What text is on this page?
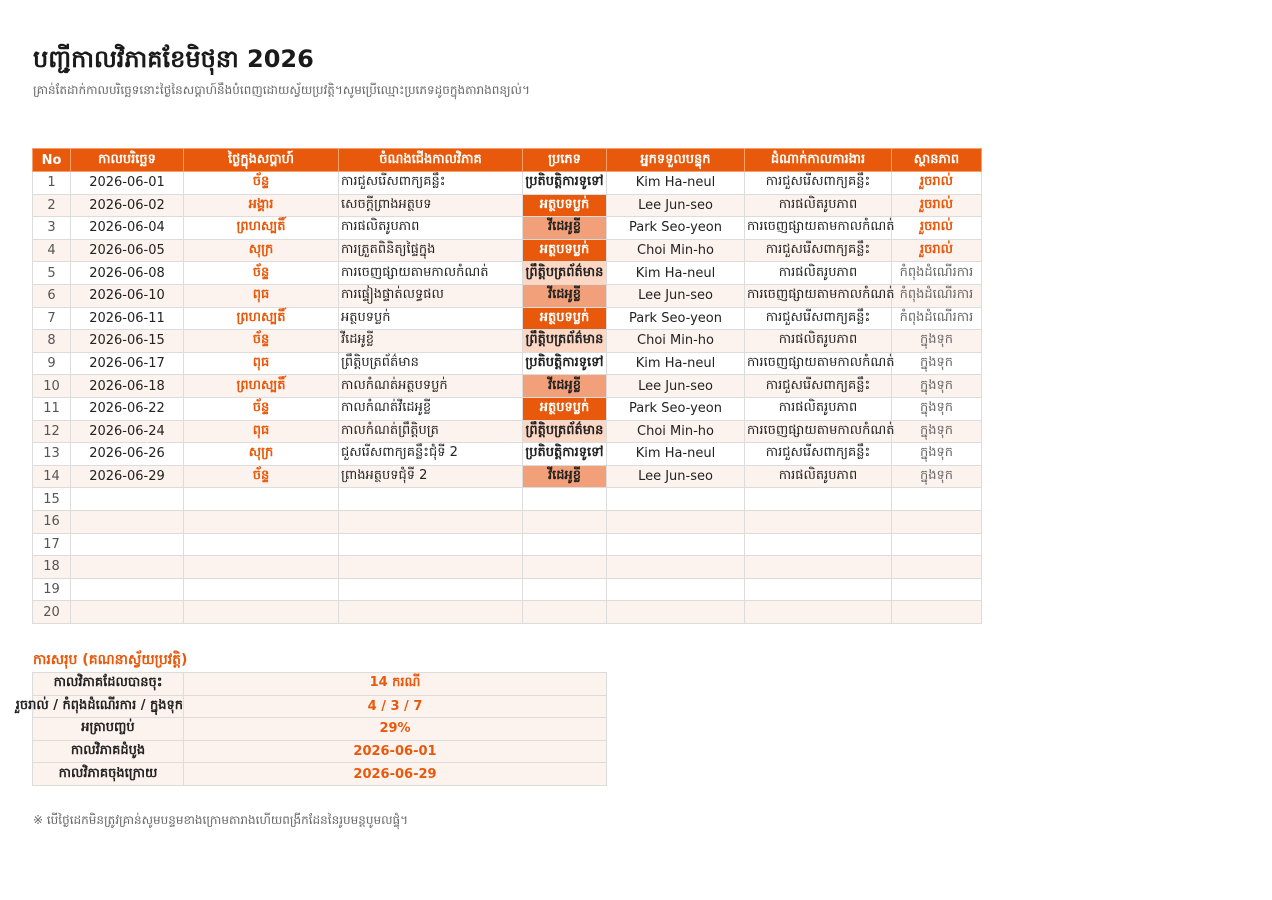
បញ្ជីកាលវិភាគខែមិថុនា 2026
គ្រាន់តែដាក់កាលបរិច្ឆេទនោះថ្ងៃនៃសប្តាហ៍នឹងបំពេញដោយស្វ័យប្រវត្តិ។សូមប្រើឈ្មោះប្រភេទដូចក្នុងតារាងពន្យល់។
No	កាលបរិច្ឆេទ	ថ្ងៃក្នុងសប្តាហ៍	ចំណងជើងកាលវិភាគ	ប្រភេទ	អ្នកទទួលបន្ទុក	ដំណាក់កាលការងារ	ស្ថានភាព
1	2026-06-01	ច័ន្ទ	ការជួសរើសពាក្យគន្លឹះ	ប្រតិបត្តិការទូទៅ	Kim Ha-neul	ការជួសរើសពាក្យគន្លឹះ	រួចរាល់
2	2026-06-02	អង្គារ	សេចក្តីព្រាងអត្ថបទ	អត្ថបទប្លក់	Lee Jun-seo	ការផលិតរូបភាព	រួចរាល់
3	2026-06-04	ព្រហស្បតិ៍	ការផលិតរូបភាព	វីដេអូខ្លី	Park Seo-yeon	ការចេញផ្សាយតាមកាលកំណត់	រួចរាល់
4	2026-06-05	សុក្រ	ការត្រួតពិនិត្យផ្ទៃក្នុង	អត្ថបទប្លក់	Choi Min-ho	ការជួសរើសពាក្យគន្លឹះ	រួចរាល់
5	2026-06-08	ច័ន្ទ	ការចេញផ្សាយតាមកាលកំណត់	ព្រឹត្តិបត្រព័ត៌មាន	Kim Ha-neul	ការផលិតរូបភាព	កំពុងដំណើរការ
6	2026-06-10	ពុធ	ការផ្ទៀងផ្ទាត់លទ្ធផល	វីដេអូខ្លី	Lee Jun-seo	ការចេញផ្សាយតាមកាលកំណត់	កំពុងដំណើរការ
7	2026-06-11	ព្រហស្បតិ៍	អត្ថបទប្លក់	អត្ថបទប្លក់	Park Seo-yeon	ការជួសរើសពាក្យគន្លឹះ	កំពុងដំណើរការ
8	2026-06-15	ច័ន្ទ	វីដេអូខ្លី	ព្រឹត្តិបត្រព័ត៌មាន	Choi Min-ho	ការផលិតរូបភាព	ក្នុងទុក
9	2026-06-17	ពុធ	ព្រឹត្តិបត្រព័ត៌មាន	ប្រតិបត្តិការទូទៅ	Kim Ha-neul	ការចេញផ្សាយតាមកាលកំណត់	ក្នុងទុក
10	2026-06-18	ព្រហស្បតិ៍	កាលកំណត់អត្ថបទប្លក់	វីដេអូខ្លី	Lee Jun-seo	ការជួសរើសពាក្យគន្លឹះ	ក្នុងទុក
11	2026-06-22	ច័ន្ទ	កាលកំណត់វីដេអូខ្លី	អត្ថបទប្លក់	Park Seo-yeon	ការផលិតរូបភាព	ក្នុងទុក
12	2026-06-24	ពុធ	កាលកំណត់ព្រឹត្តិបត្រ	ព្រឹត្តិបត្រព័ត៌មាន	Choi Min-ho	ការចេញផ្សាយតាមកាលកំណត់	ក្នុងទុក
13	2026-06-26	សុក្រ	ជួសរើសពាក្យគន្លឹះជុំទី 2	ប្រតិបត្តិការទូទៅ	Kim Ha-neul	ការជួសរើសពាក្យគន្លឹះ	ក្នុងទុក
14	2026-06-29	ច័ន្ទ	ព្រាងអត្ថបទជុំទី 2	វីដេអូខ្លី	Lee Jun-seo	ការផលិតរូបភាព	ក្នុងទុក
15							
16							
17							
18							
19							
20							
ការសរុប (គណនាស្វ័យប្រវត្តិ)
កាលវិភាគដែលបានចុះ	14 ករណី
រួចរាល់ / កំពុងដំណើរការ / ក្នុងទុក	4 / 3 / 7
អត្រាបញ្ចប់	29%
កាលវិភាគដំបូង	2026-06-01
កាលវិភាគចុងក្រោយ	2026-06-29
※ បើថ្ងៃដេកមិនត្រូវគ្រាន់សូមបន្ទមខាងក្រោមតារាងហើយពង្រីកដែននៃរូបមន្តបូមលផ្ទុំ។
